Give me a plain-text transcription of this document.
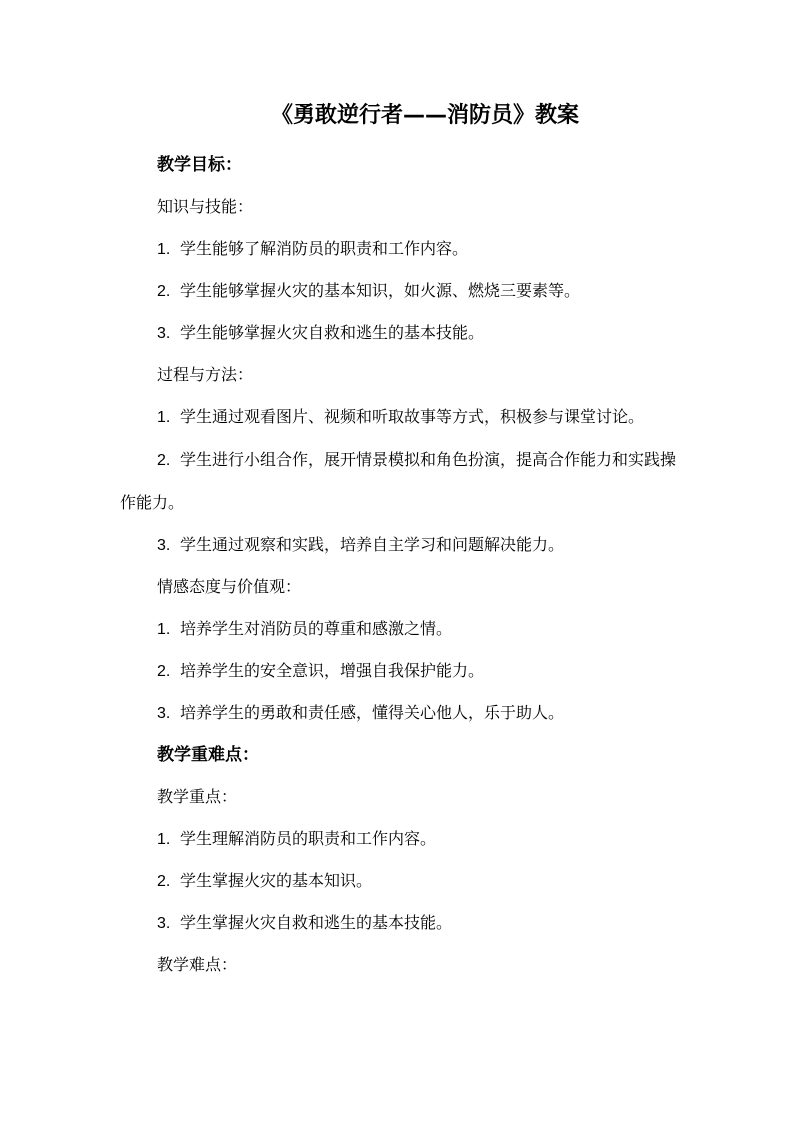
《勇敢逆行者——消防员》教案

教学目标：

知识与技能：

1. 学生能够了解消防员的职责和工作内容。

2. 学生能够掌握火灾的基本知识，如火源、燃烧三要素等。

3. 学生能够掌握火灾自救和逃生的基本技能。

过程与方法：

1. 学生通过观看图片、视频和听取故事等方式，积极参与课堂讨论。

2. 学生进行小组合作，展开情景模拟和角色扮演，提高合作能力和实践操作能力。

3. 学生通过观察和实践，培养自主学习和问题解决能力。

情感态度与价值观：

1. 培养学生对消防员的尊重和感激之情。

2. 培养学生的安全意识，增强自我保护能力。

3. 培养学生的勇敢和责任感，懂得关心他人，乐于助人。

教学重难点：

教学重点：

1. 学生理解消防员的职责和工作内容。

2. 学生掌握火灾的基本知识。

3. 学生掌握火灾自救和逃生的基本技能。

教学难点：
